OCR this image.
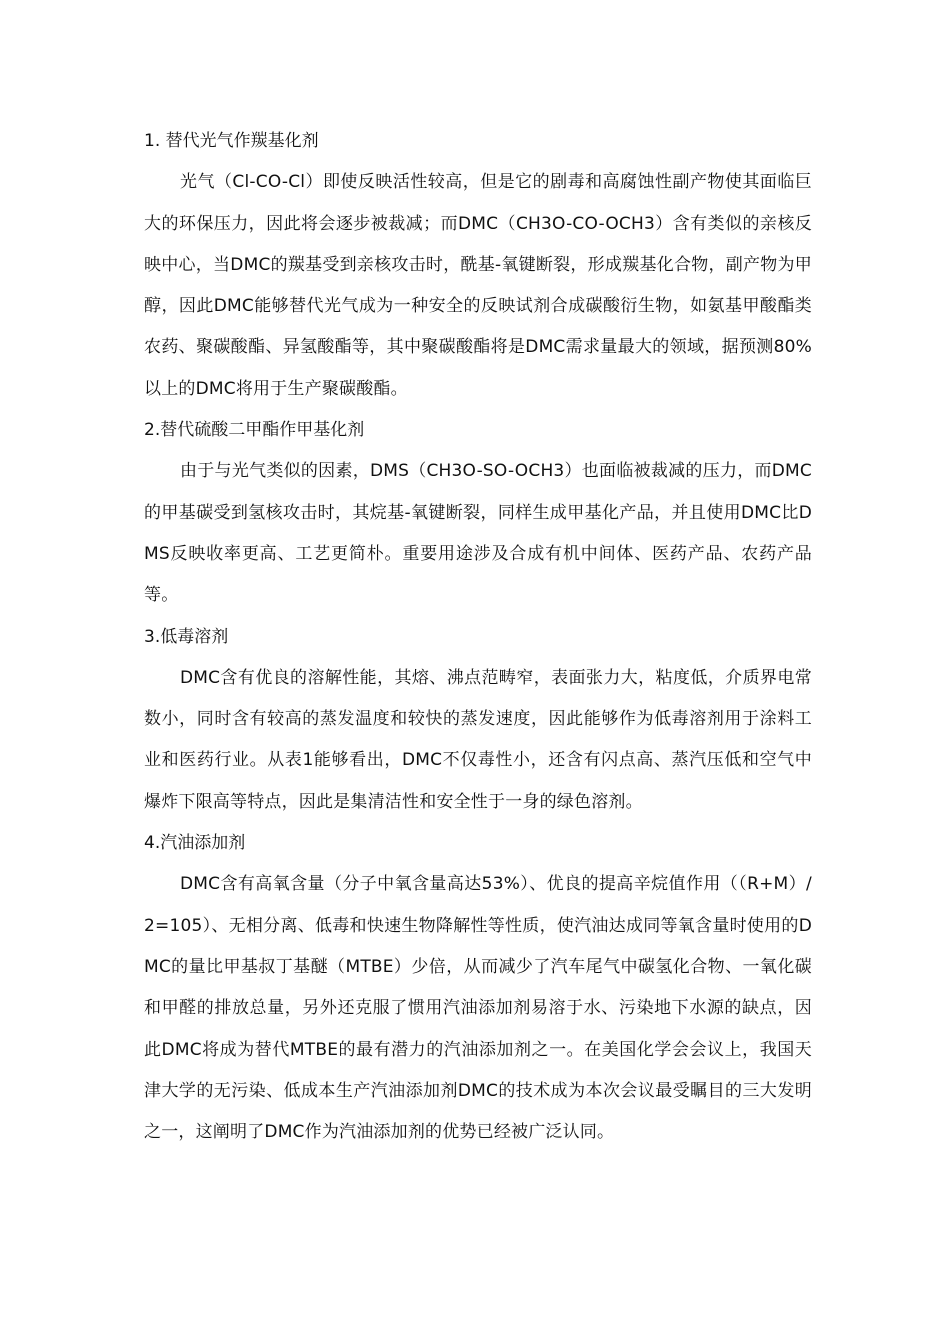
1. 替代光气作羰基化剂

光气（Cl-CO-Cl）即使反映活性较高，但是它的剧毒和高腐蚀性副产物使其面临巨大的环保压力，因此将会逐步被裁减；而DMC（CH3O-CO-OCH3）含有类似的亲核反映中心，当DMC的羰基受到亲核攻击时，酰基-氧键断裂，形成羰基化合物，副产物为甲醇，因此DMC能够替代光气成为一种安全的反映试剂合成碳酸衍生物，如氨基甲酸酯类农药、聚碳酸酯、异氢酸酯等，其中聚碳酸酯将是DMC需求量最大的领域，据预测80%以上的DMC将用于生产聚碳酸酯。

2.替代硫酸二甲酯作甲基化剂

由于与光气类似的因素，DMS（CH3O-SO-OCH3）也面临被裁减的压力，而DMC的甲基碳受到氢核攻击时，其烷基-氧键断裂，同样生成甲基化产品，并且使用DMC比DMS反映收率更高、工艺更简朴。重要用途涉及合成有机中间体、医药产品、农药产品等。

3.低毒溶剂

DMC含有优良的溶解性能，其熔、沸点范畴窄，表面张力大，粘度低，介质界电常数小，同时含有较高的蒸发温度和较快的蒸发速度，因此能够作为低毒溶剂用于涂料工业和医药行业。从表1能够看出，DMC不仅毒性小，还含有闪点高、蒸汽压低和空气中爆炸下限高等特点，因此是集清洁性和安全性于一身的绿色溶剂。

4.汽油添加剂

DMC含有高氧含量（分子中氧含量高达53%）、优良的提高辛烷值作用（（R+M）/2=105）、无相分离、低毒和快速生物降解性等性质，使汽油达成同等氧含量时使用的DMC的量比甲基叔丁基醚（MTBE）少倍，从而减少了汽车尾气中碳氢化合物、一氧化碳和甲醛的排放总量，另外还克服了惯用汽油添加剂易溶于水、污染地下水源的缺点，因此DMC将成为替代MTBE的最有潜力的汽油添加剂之一。在美国化学会会议上，我国天津大学的无污染、低成本生产汽油添加剂DMC的技术成为本次会议最受瞩目的三大发明之一，这阐明了DMC作为汽油添加剂的优势已经被广泛认同。
